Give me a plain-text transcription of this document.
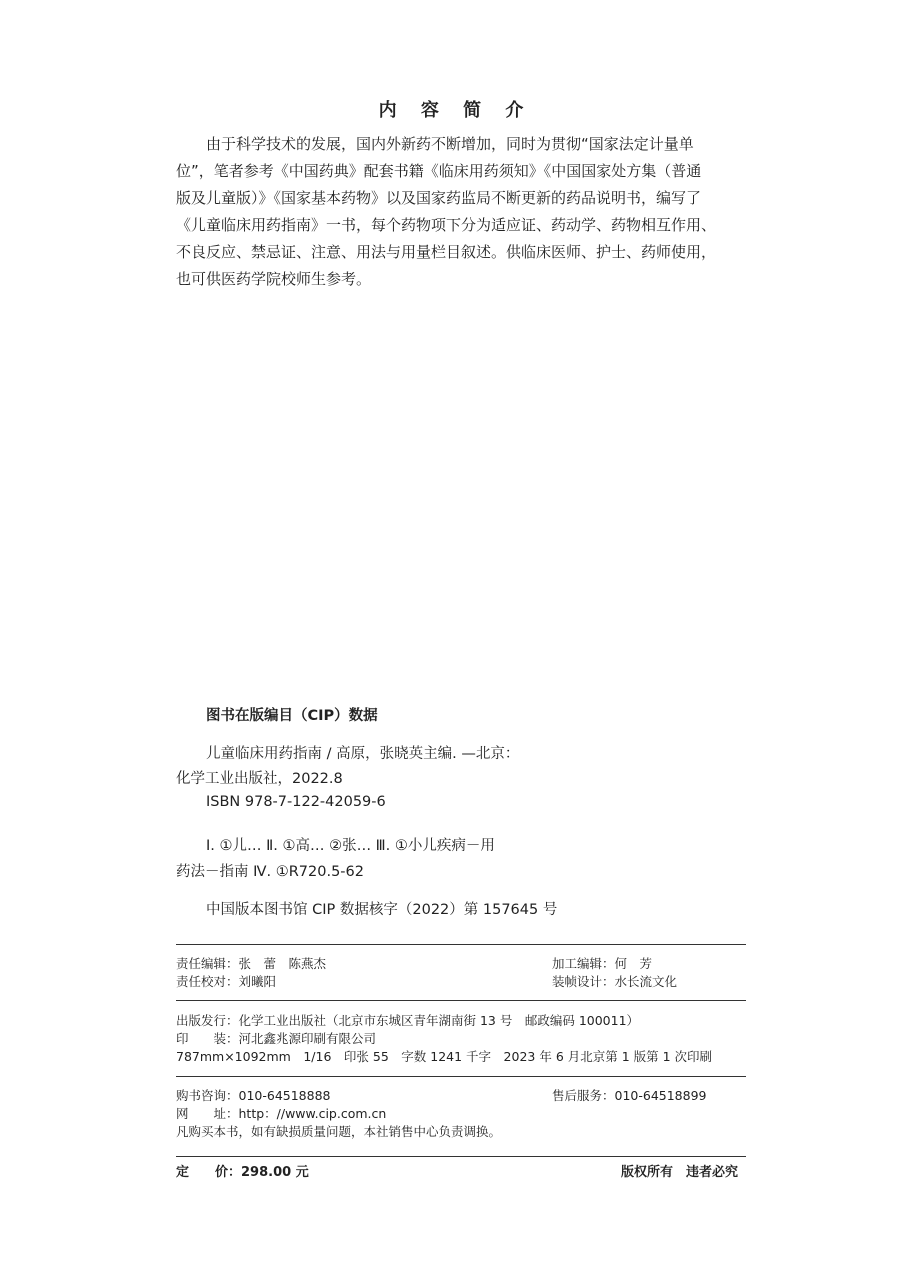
内 容 简 介
由于科学技术的发展，国内外新药不断增加，同时为贯彻“国家法定计量单
位”，笔者参考《中国药典》配套书籍《临床用药须知》《中国国家处方集（普通
版及儿童版）》《国家基本药物》以及国家药监局不断更新的药品说明书，编写了
《儿童临床用药指南》一书，每个药物项下分为适应证、药动学、药物相互作用、
不良反应、禁忌证、注意、用法与用量栏目叙述。供临床医师、护士、药师使用，
也可供医药学院校师生参考。
图书在版编目（CIP）数据
儿童临床用药指南 / 高原，张晓英主编. —北京：
化学工业出版社，2022.8
ISBN 978-7-122-42059-6
Ⅰ. ①儿… Ⅱ. ①高… ②张… Ⅲ. ①小儿疾病－用
药法－指南 Ⅳ. ①R720.5-62
中国版本图书馆 CIP 数据核字（2022）第 157645 号
责任编辑：张　蕾　陈燕杰
责任校对：刘曦阳
加工编辑：何　芳
装帧设计：水长流文化
出版发行：化学工业出版社（北京市东城区青年湖南街 13 号　邮政编码 100011）
印　　装：河北鑫兆源印刷有限公司
787mm×1092mm　1/16　印张 55　字数 1241 千字　2023 年 6 月北京第 1 版第 1 次印刷
购书咨询：010-64518888	售后服务：010-64518899
网　　址：http：//www.cip.com.cn
凡购买本书，如有缺损质量问题，本社销售中心负责调换。
定　　价：298.00 元	版权所有　违者必究
